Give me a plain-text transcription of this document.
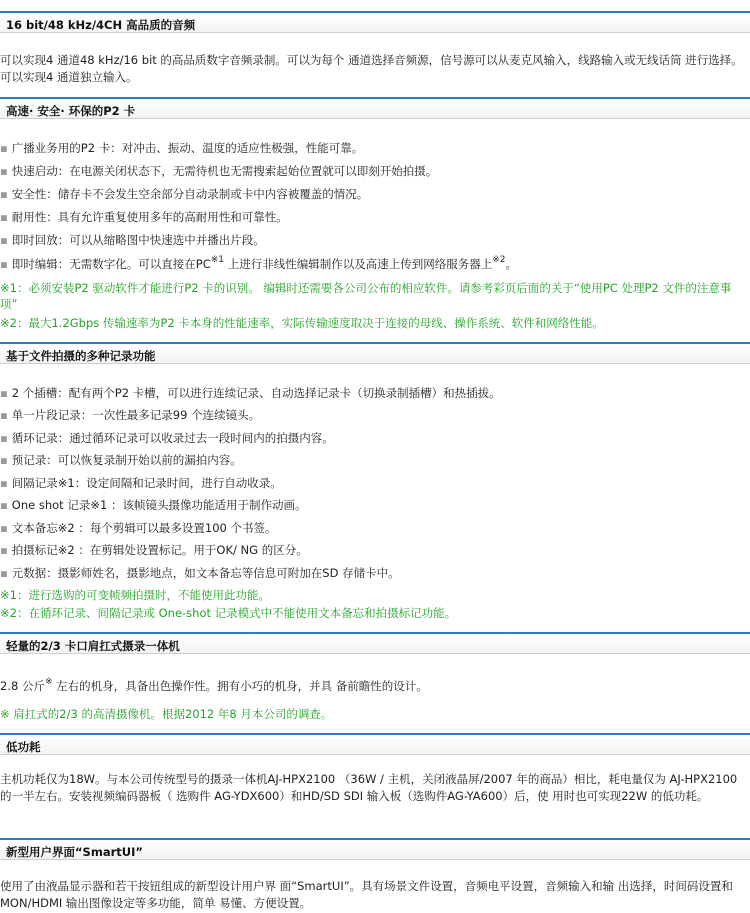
16 bit/48 kHz/4CH 高品质的音频
可以实现4 通道48 kHz/16 bit 的高品质数字音频录制。可以为每个 通道选择音频源，信号源可以从麦克风输入，线路输入或无线话筒 进行选择。可以实现4 通道独立输入。
高速· 安全· 环保的P2 卡
▪ 广播业务用的P2 卡：对冲击、振动、温度的适应性极强，性能可靠。
▪ 快速启动：在电源关闭状态下，无需待机也无需搜索起始位置就可以即刻开始拍摄。
▪ 安全性：储存卡不会发生空余部分自动录制或卡中内容被覆盖的情况。
▪ 耐用性：具有允许重复使用多年的高耐用性和可靠性。
▪ 即时回放：可以从缩略图中快速选中并播出片段。
▪ 即时编辑：无需数字化。可以直接在PC$^{※1}$ 上进行非线性编辑制作以及高速上传到网络服务器上$^{※2}$。
※1：必须安装P2 驱动软件才能进行P2 卡的识别。 编辑时还需要各公司公布的相应软件。请参考彩页后面的关于“使用PC 处理P2 文件的注意事项”
※2：最大1.2Gbps 传输速率为P2 卡本身的性能速率，实际传输速度取决于连接的母线、操作系统、软件和网络性能。
基于文件拍摄的多种记录功能
▪ 2 个插槽：配有两个P2 卡槽，可以进行连续记录、自动选择记录卡（切换录制插槽）和热插拔。
▪ 单一片段记录：一次性最多记录99 个连续镜头。
▪ 循环记录：通过循环记录可以收录过去一段时间内的拍摄内容。
▪ 预记录：可以恢复录制开始以前的漏拍内容。
▪ 间隔记录※1：设定间隔和记录时间，进行自动收录。
▪ One shot 记录※1 ：该帧镜头摄像功能适用于制作动画。
▪ 文本备忘※2 ：每个剪辑可以最多设置100 个书签。
▪ 拍摄标记※2 ：在剪辑处设置标记。用于OK/ NG 的区分。
▪ 元数据：摄影师姓名，摄影地点，如文本备忘等信息可附加在SD 存储卡中。
※1：进行选购的可变帧频拍摄时，不能使用此功能。
※2：在循环记录、间隔记录或 One-shot 记录模式中不能使用文本备忘和拍摄标记功能。
轻量的2/3 卡口肩扛式摄录一体机
2.8 公斤※ 左右的机身，具备出色操作性。拥有小巧的机身，并具 备前瞻性的设计。
※ 肩扛式的2/3 的高清摄像机。根据2012 年8 月本公司的调查。
低功耗
主机功耗仅为18W。与本公司传统型号的摄录一体机AJ-HPX2100 （36W / 主机，关闭液晶屏/2007 年的商品）相比，耗电量仅为 AJ-HPX2100 的一半左右。安装视频编码器板（ 选购件 AG-YDX600）和HD/SD SDI 输入板（选购件AG-YA600）后，使 用时也可实现22W 的低功耗。
新型用户界面“SmartUI”
使用了由液晶显示器和若干按钮组成的新型设计用户界 面“SmartUI”。具有场景文件设置，音频电平设置，音频输入和输 出选择，时间码设置和MON/HDMI 输出图像设定等多功能，简单 易懂、方便设置。
